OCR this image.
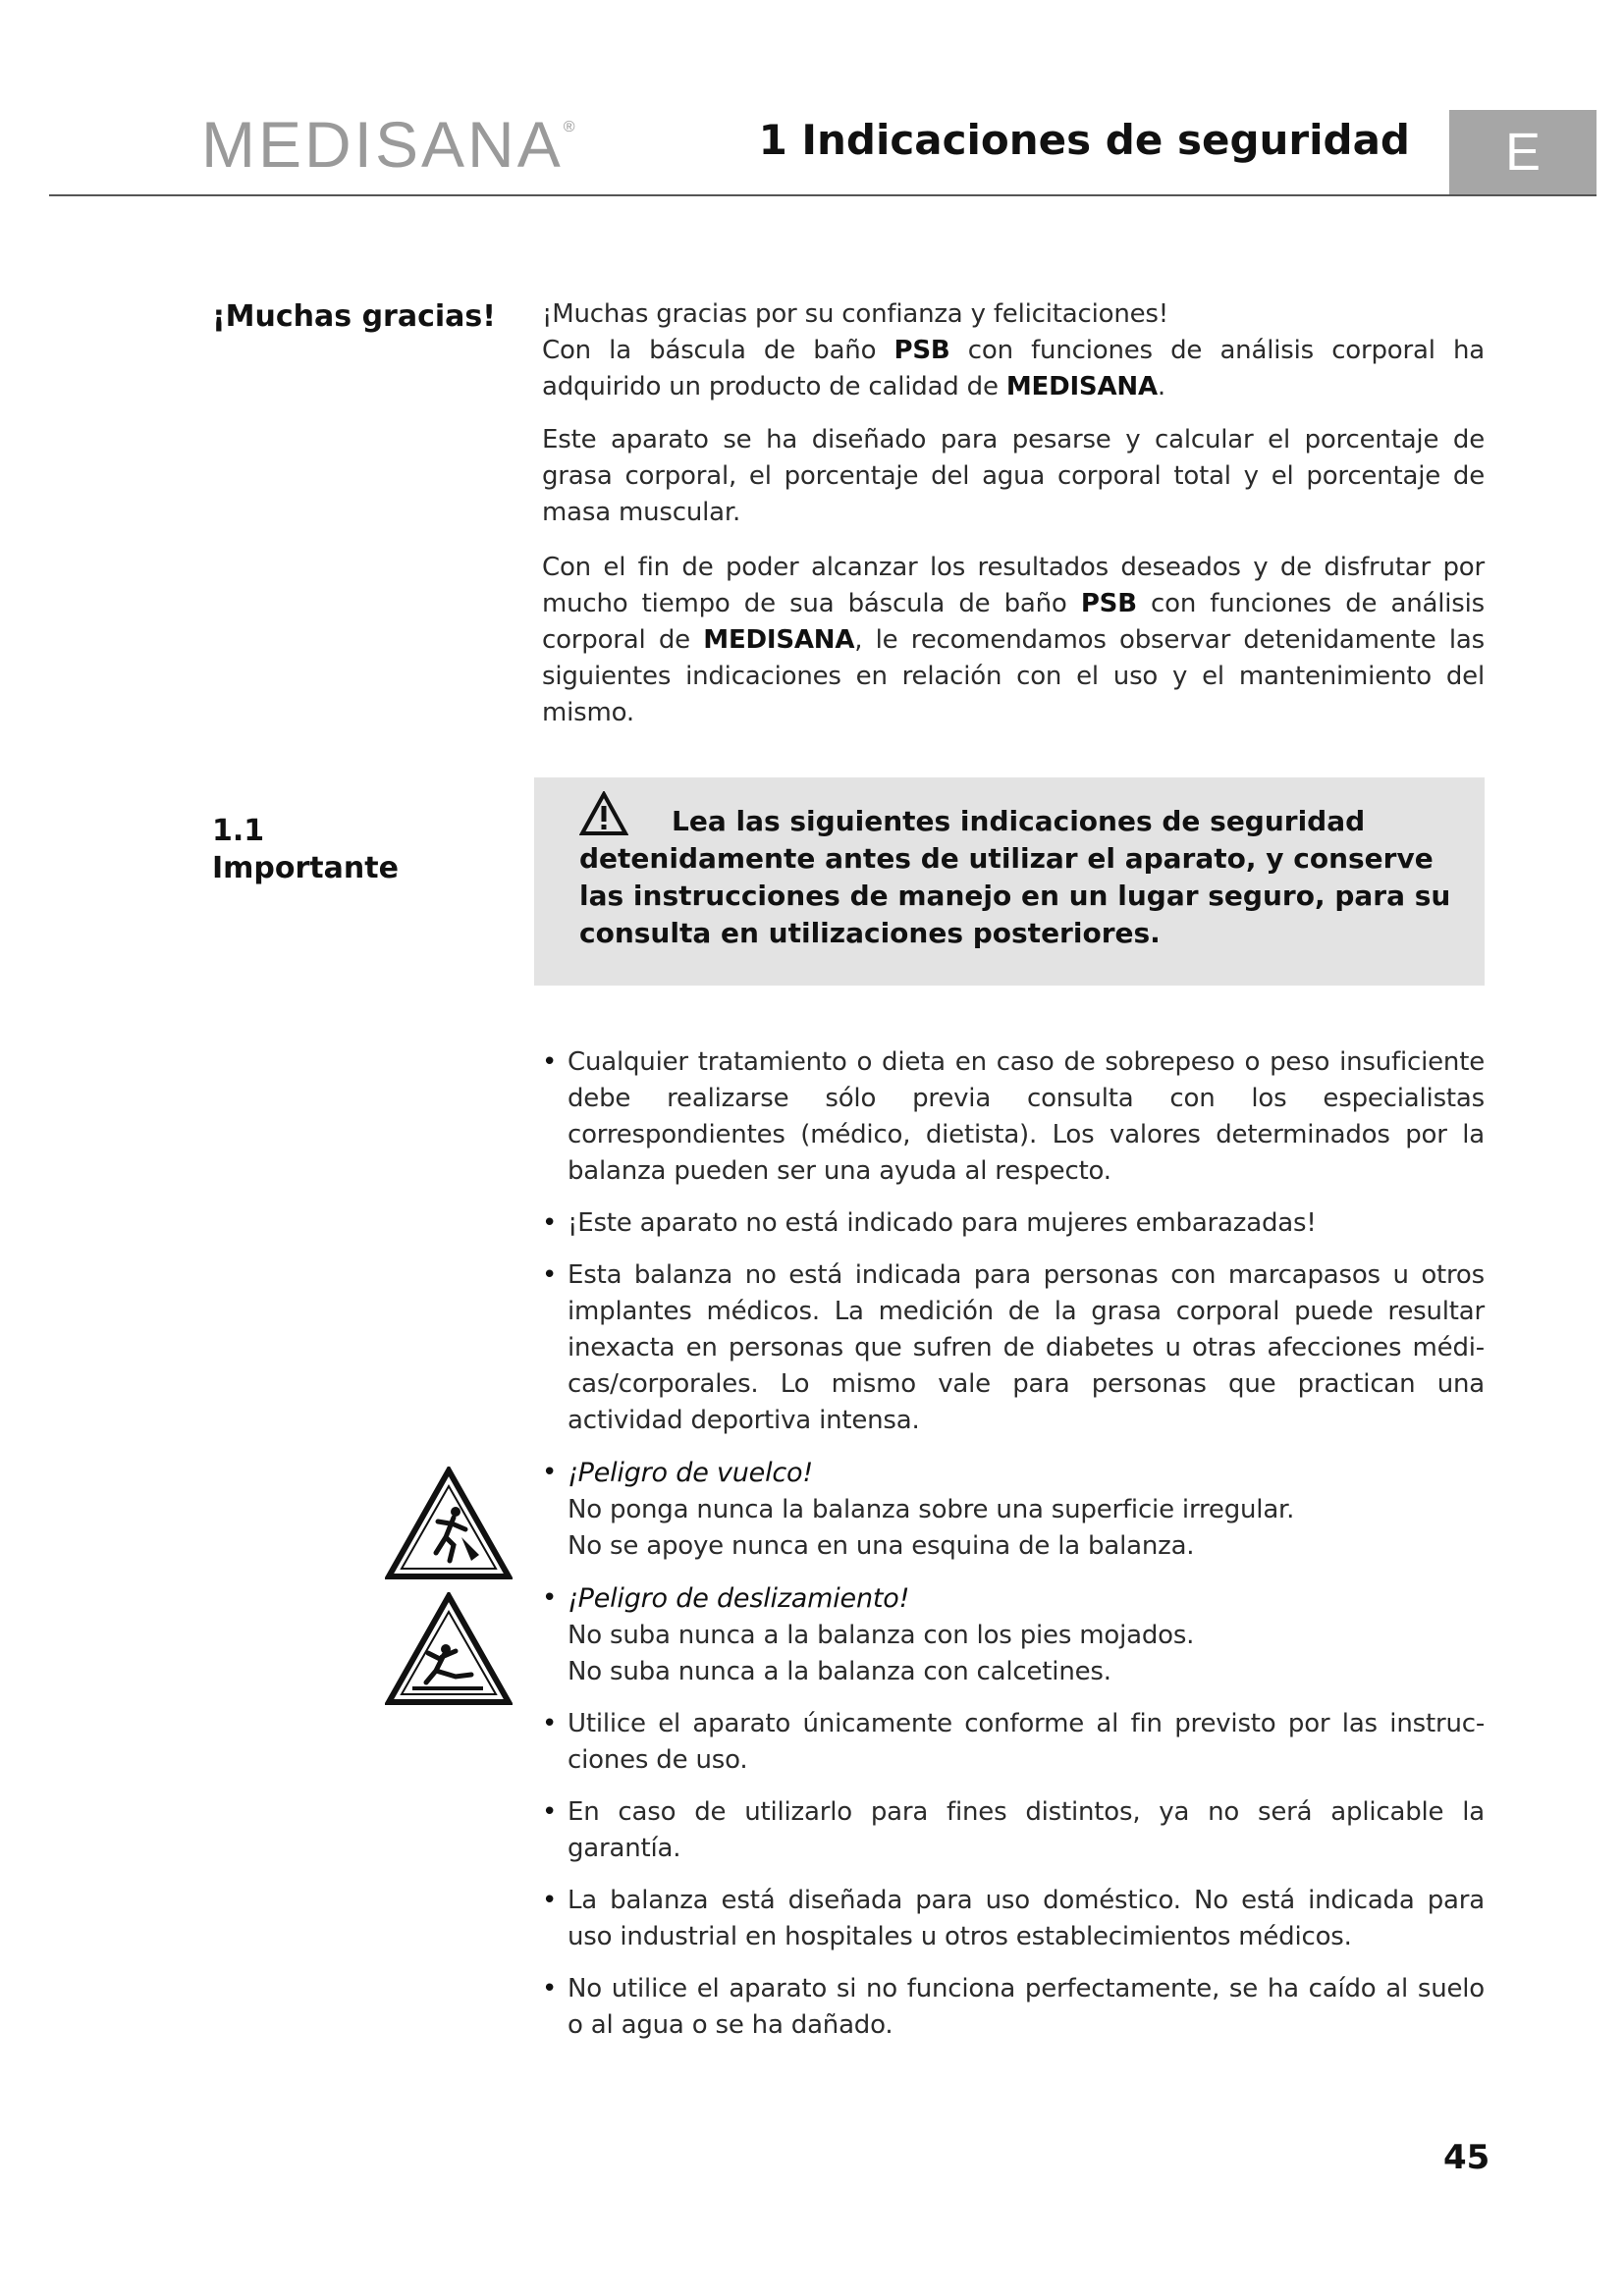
MEDISANA®	1 Indicaciones de seguridad	E
¡Muchas gracias! ¡Muchas gracias por su confianza y felicitaciones!
Con la báscula de baño PSB con funciones de análisis corporal ha adquirido un producto de calidad de MEDISANA.
Este aparato se ha diseñado para pesarse y calcular el porcentaje de grasa corporal, el porcentaje del agua corporal total y el porcentaje de masa muscular.
Con el fin de poder alcanzar los resultados deseados y de disfrutar por mucho tiempo de sua báscula de baño PSB con funciones de análisis corporal de MEDISANA, le recomendamos observar detenidamente las siguientes indicaciones en relación con el uso y el mantenimiento del mismo.
1.1
Importante
Lea las siguientes indicaciones de seguridad
detenidamente antes de utilizar el aparato, y conserve las instrucciones de manejo en un lugar seguro, para su consulta en utilizaciones posteriores.
• Cualquier tratamiento o dieta en caso de sobrepeso o peso insuficiente debe realizarse sólo previa consulta con los especialistas correspondientes (médico, dietista). Los valores determinados por la balanza pueden ser una ayuda al respecto.
• ¡Este aparato no está indicado para mujeres embarazadas!
• Esta balanza no está indicada para personas con marcapasos u otros implantes médicos. La medición de la grasa corporal puede resultar inexacta en personas que sufren de diabetes u otras afecciones médi-cas/corporales. Lo mismo vale para personas que practican una actividad deportiva intensa.
• ¡Peligro de vuelco!
No ponga nunca la balanza sobre una superficie irregular.
No se apoye nunca en una esquina de la balanza.
• ¡Peligro de deslizamiento!
No suba nunca a la balanza con los pies mojados.
No suba nunca a la balanza con calcetines.
• Utilice el aparato únicamente conforme al fin previsto por las instruc-ciones de uso.
• En caso de utilizarlo para fines distintos, ya no será aplicable la garantía.
• La balanza está diseñada para uso doméstico. No está indicada para uso industrial en hospitales u otros establecimientos médicos.
• No utilice el aparato si no funciona perfectamente, se ha caído al suelo o al agua o se ha dañado.
45
